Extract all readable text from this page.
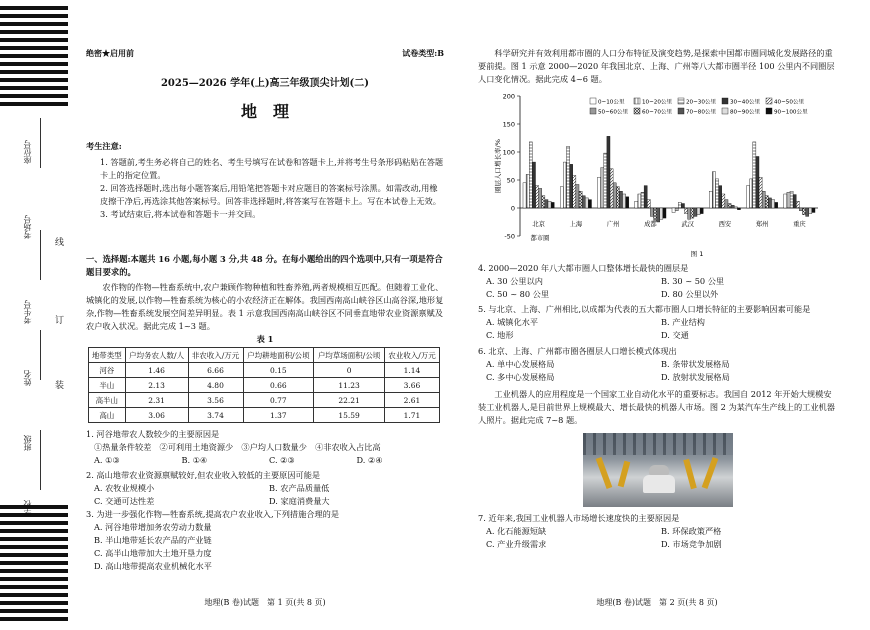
座位号
考场号
考生号
姓名
班级
学校
线
订
装
绝密★启用前	试卷类型:B
2025—2026 学年(上)高三年级顶尖计划(二)
地　理
考生注意:

1. 答题前,考生务必将自己的姓名、考生号填写在试卷和答题卡上,并将考生号条形码粘贴在答题卡上的指定位置。

2. 回答选择题时,选出每小题答案后,用铅笔把答题卡对应题目的答案标号涂黑。如需改动,用橡皮擦干净后,再选涂其他答案标号。回答非选择题时,将答案写在答题卡上。写在本试卷上无效。

3. 考试结束后,将本试卷和答题卡一并交回。

一、选择题:本题共 16 小题,每小题 3 分,共 48 分。在每小题给出的四个选项中,只有一项是符合题目要求的。
农作物的作物—牲畜系统中,农户兼顾作物种植和牲畜养殖,两者规模相互匹配。但随着工业化、城镇化的发展,以作物—牲畜系统为核心的小农经济正在解体。我国西南高山峡谷区山高谷深,地形复杂,作物—牲畜系统发展空间差异明显。表 1 示意我国西南高山峡谷区不同垂直地带农业资源禀赋及农户收入状况。据此完成 1~3 题。
表 1
地带类型	户均务农人数/人	非农收入/万元	户均耕地面积/公顷	户均草场面积/公顷	农业收入/万元
河谷	1.46	6.66	0.15	0	1.14
半山	2.13	4.80	0.66	11.23	3.66
高半山	2.31	3.56	0.77	22.21	2.61
高山	3.06	3.74	1.37	15.59	1.71

1. 河谷地带农人数较少的主要原因是

①热量条件较差　②可利用土地资源少　③户均人口数量少　④非农收入占比高

A. ①③	B. ①④	C. ②③	D. ②④

2. 高山地带农业资源禀赋较好,但农业收入较低的主要原因可能是

A. 农牧业规模小	B. 农产品质量低
C. 交通可达性差	D. 家庭消费量大

3. 为进一步强化作物—牲畜系统,提高农户农业收入,下列措施合理的是

A. 河谷地带增加务农劳动力数量

B. 半山地带延长农产品的产业链

C. 高半山地带加大土地开垦力度

D. 高山地带提高农业机械化水平

地理(B 卷)试题　第 1 页(共 8 页)
科学研究并有效利用都市圈的人口分布特征及演变趋势,是探索中国都市圈同城化发展路径的重要前提。图 1 示意 2000—2020 年我国北京、上海、广州等八大都市圈半径 100 公里内不同圈层人口变化情况。据此完成 4~6 题。
-50
0
50
100
150
200
圈层人口增长率/%
北京	上海	广州	成都	武汉	西安	郑州	重庆
都市圈
0~10公里	10~20公里 20~30公里 30~40公里 40~50公里
50~60公里 60~70公里 70~80公里 80~90公里 90~100公里
图 1

4. 2000—2020 年八大都市圈人口整体增长最快的圈层是

A. 30 公里以内	B. 30 ~ 50 公里
C. 50 ~ 80 公里	D. 80 公里以外

5. 与北京、上海、广州相比,以成都为代表的五大都市圈人口增长特征的主要影响因素可能是

A. 城镇化水平	B. 产业结构
C. 地形	D. 交通

6. 北京、上海、广州都市圈各圈层人口增长模式体现出

A. 单中心发展格局	B. 条带状发展格局
C. 多中心发展格局	D. 放射状发展格局
工业机器人的应用程度是一个国家工业自动化水平的重要标志。我国自 2012 年开始大规模安装工业机器人,是目前世界上规模最大、增长最快的机器人市场。图 2 为某汽车生产线上的工业机器人照片。据此完成 7~8 题。

7. 近年来,我国工业机器人市场增长速度快的主要原因是

A. 化石能源短缺	B. 环保政策严格
C. 产业升级需求	D. 市场竞争加剧
地理(B 卷)试题　第 2 页(共 8 页)
